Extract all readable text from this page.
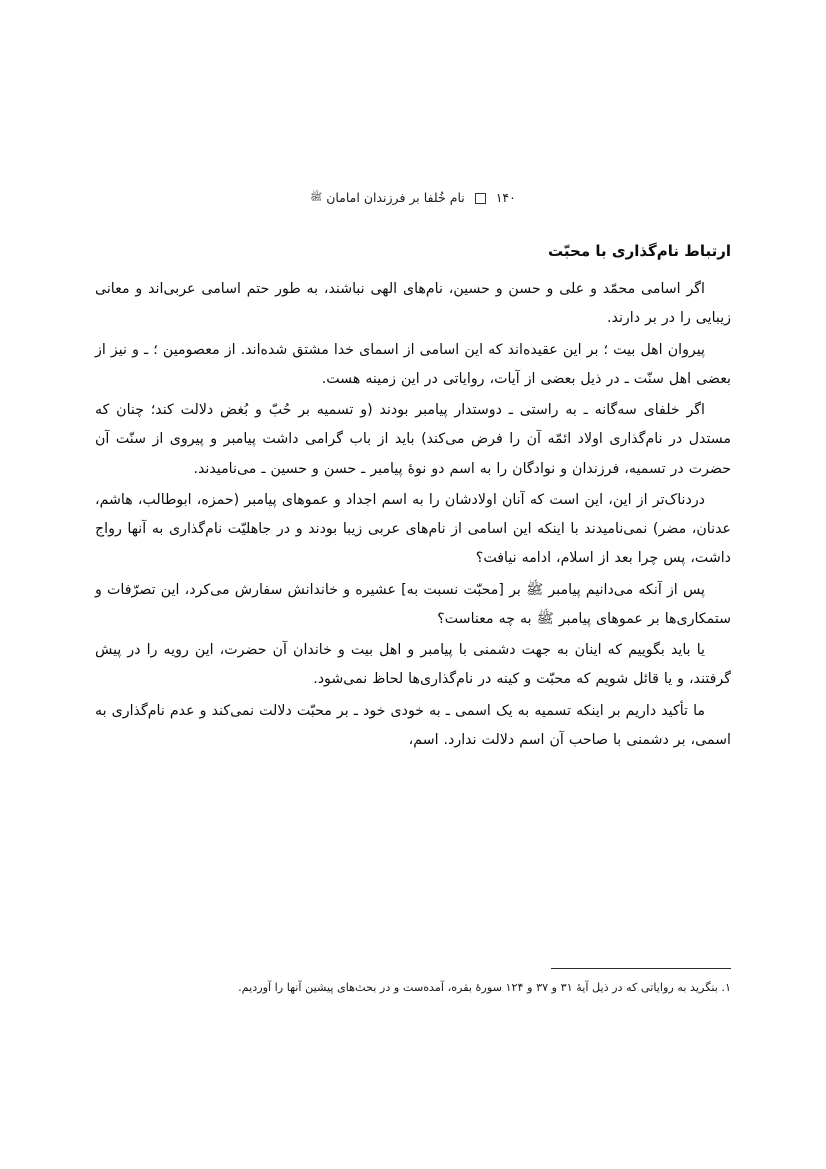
۱۴۰  نام خُلفا بر فرزندان امامان ﷺ
ارتباط نام‌گذاری با محبّت

اگر اسامی محمّد و علی و حسن و حسین، نام‌های الهی نباشند، به طور حتم اسامی عربی‌اند و معانی زیبایی را در بر دارند.

پیروان اهل بیت ؛ بر این عقیده‌اند که این اسامی از اسمای خدا مشتق شده‌اند. از معصومین ؛ ـ و نیز از بعضی اهل سنّت ـ در ذیل بعضی از آیات، روایاتی در این زمینه هست.

اگر خلفای سه‌گانه ـ به راستی ـ دوستدار پیامبر بودند (و تسمیه بر حُبّ و بُغض دلالت کند؛ چنان که مستدل در نام‌گذاری اولاد ائمّه آن را فرض می‌کند) باید از باب گرامی داشت پیامبر و پیروی از سنّت آن حضرت در تسمیه، فرزندان و نوادگان را به اسم دو نوهٔ پیامبر ـ حسن و حسین ـ می‌نامیدند.

دردناک‌تر از این، این است که آنان اولادشان را به اسم اجداد و عموهای پیامبر (حمزه، ابوطالب، هاشم، عدنان، مضر) نمی‌نامیدند با اینکه این اسامی از نام‌های عربی زیبا بودند و در جاهلیّت نام‌گذاری به آنها رواج داشت، پس چرا بعد از اسلام، ادامه نیافت؟

پس از آنکه می‌دانیم پیامبر ﷺ بر [محبّت نسبت به] عشیره و خاندانش سفارش می‌کرد، این تصرّفات و ستمکاری‌ها بر عموهای پیامبر ﷺ به چه معناست؟

یا باید بگوییم که اینان به جهت دشمنی با پیامبر و اهل بیت و خاندان آن حضرت، این رویه را در پیش گرفتند، و یا قائل شویم که محبّت و کینه در نام‌گذاری‌ها لحاظ نمی‌شود.

ما تأکید داریم بر اینکه تسمیه به یک اسمی ـ به خودی خود ـ بر محبّت دلالت نمی‌کند و عدم نام‌گذاری به اسمی، بر دشمنی با صاحب آن اسم دلالت ندارد. اسم،

۱. بنگرید به روایاتی که در ذیل آیهٔ ۳۱ و ۳۷ و ۱۲۴ سورهٔ بقره، آمده‌ست و در بحث‌های پیشین آنها را آوردیم.
